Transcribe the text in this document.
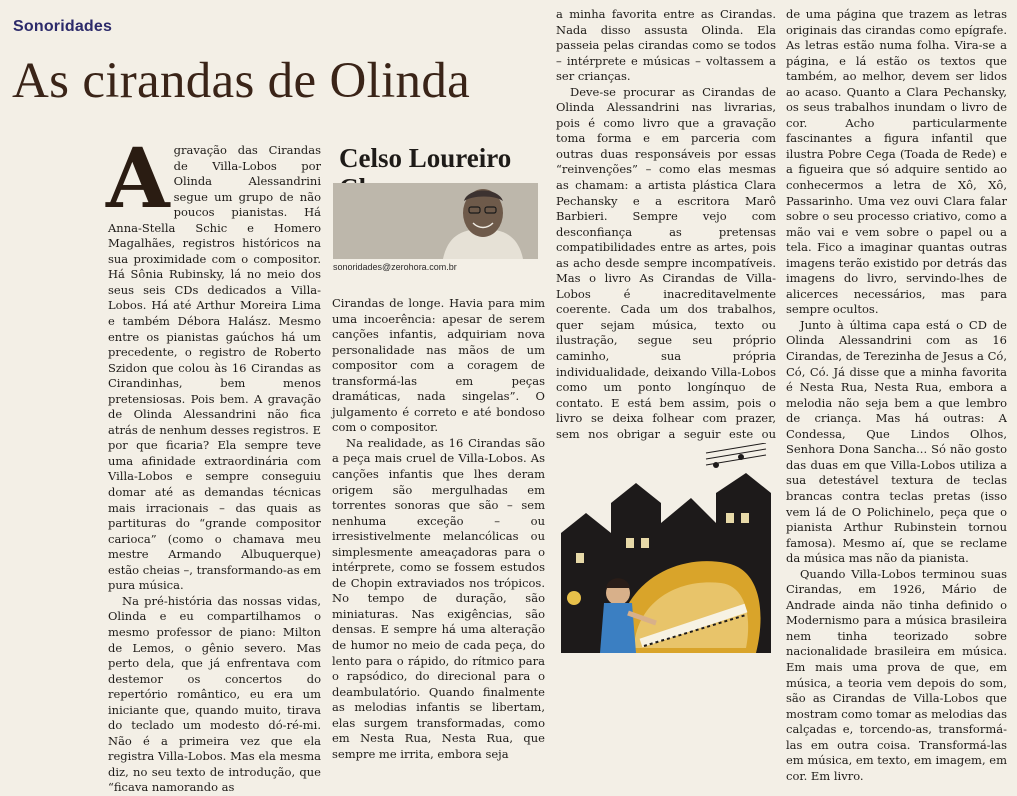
Sonoridades
As cirandas de Olinda

Agravação das Cirandas de Villa-Lobos por Olinda Alessandrini segue um grupo de não poucos pianistas. Há Anna-Stella Schic e Homero Magalhães, registros históricos na sua proximidade com o compositor. Há Sônia Rubinsky, lá no meio dos seus seis CDs dedicados a Villa-Lobos. Há até Arthur Moreira Lima e também Débora Halász. Mesmo entre os pianistas gaúchos há um precedente, o registro de Roberto Szidon que colou às 16 Cirandas as Cirandinhas, bem menos pretensiosas. Pois bem. A gravação de Olinda Alessandrini não fica atrás de nenhum desses registros. E por que ficaria? Ela sempre teve uma afinidade extraordinária com Villa-Lobos e sempre conseguiu domar até as demandas técnicas mais irracionais – das quais as partituras do “grande compositor carioca” (como o chamava meu mestre Armando Albuquerque) estão cheias –, transformando-as em pura música.

Na pré-história das nossas vidas, Olinda e eu compartilhamos o mesmo professor de piano: Milton de Lemos, o gênio severo. Mas perto dela, que já enfrentava com destemor os concertos do repertório romântico, eu era um iniciante que, quando muito, tirava do teclado um modesto dó-ré-mi. Não é a primeira vez que ela registra Villa-Lobos. Mas ela mesma diz, no seu texto de introdução, que “ficava namorando as

Celso Loureiro
sonoridades@zerohora.com.br

Cirandas de longe. Havia para mim uma incoerência: apesar de serem canções infantis, adquiriam nova personalidade nas mãos de um compositor com a coragem de transformá-las em peças dramáticas, nada singelas”. O julgamento é correto e até bondoso com o compositor.

Na realidade, as 16 Cirandas são a peça mais cruel de Villa-Lobos. As canções infantis que lhes deram origem são mergulhadas em torrentes sonoras que são – sem nenhuma exceção – ou irresistivelmente melancólicas ou simplesmente ameaçadoras para o intérprete, como se fossem estudos de Chopin extraviados nos trópicos. No tempo de duração, são miniaturas. Nas exigências, são densas. E sempre há uma alteração de humor no meio de cada peça, do lento para o rápido, do rítmico para o rapsódico, do direcional para o deambulatório. Quando finalmente as melodias infantis se libertam, elas surgem transformadas, como em Nesta Rua, Nesta Rua, que sempre me irrita, embora seja

a minha favorita entre as Cirandas. Nada disso assusta Olinda. Ela passeia pelas cirandas como se todos – intérprete e músicas – voltassem a ser crianças.

Deve-se procurar as Cirandas de Olinda Alessandrini nas livrarias, pois é como livro que a gravação toma forma e em parceria com outras duas responsáveis por essas “reinvenções” – como elas mesmas as chamam: a artista plástica Clara Pechansky e a escritora Marô Barbieri. Sempre vejo com desconfiança as pretensas compatibilidades entre as artes, pois as acho desde sempre incompatíveis. Mas o livro As Cirandas de Villa-Lobos é inacreditavelmente coerente. Cada um dos trabalhos, quer sejam música, texto ou ilustração, segue seu próprio caminho, sua própria individualidade, deixando Villa-Lobos como um ponto longínquo de contato. E está bem assim, pois o livro se deixa folhear com prazer, sem nos obrigar a seguir este ou

de uma página que trazem as letras originais das cirandas como epígrafe. As letras estão numa folha. Vira-se a página, e lá estão os textos que também, ao melhor, devem ser lidos ao acaso. Quanto a Clara Pechansky, os seus trabalhos inundam o livro de cor. Acho particularmente fascinantes a figura infantil que ilustra Pobre Cega (Toada de Rede) e a figueira que só adquire sentido ao conhecermos a letra de Xô, Xô, Passarinho. Uma vez ouvi Clara falar sobre o seu processo criativo, como a mão vai e vem sobre o papel ou a tela. Fico a imaginar quantas outras imagens terão existido por detrás das imagens do livro, servindo-lhes de alicerces necessários, mas para sempre ocultos.

Junto à última capa está o CD de Olinda Alessandrini com as 16 Cirandas, de Terezinha de Jesus a Có, Có, Có. Já disse que a minha favorita é Nesta Rua, Nesta Rua, embora a melodia não seja bem a que lembro de criança. Mas há outras: A Condessa, Que Lindos Olhos, Senhora Dona Sancha... Só não gosto das duas em que Villa-Lobos utiliza a sua detestável textura de teclas brancas contra teclas pretas (isso vem lá de O Polichinelo, peça que o pianista Arthur Rubinstein tornou famosa). Mesmo aí, que se reclame da música mas não da pianista.

Quando Villa-Lobos terminou suas Cirandas, em 1926, Mário de Andrade ainda não tinha definido o Modernismo para a música brasileira nem tinha teorizado sobre nacionalidade brasileira em música. Em mais uma prova de que, em música, a teoria vem depois do som, são as Cirandas de Villa-Lobos que mostram como tomar as melodias das calçadas e, torcendo-as, transformá-las em outra coisa. Transformá-las em música, em texto, em imagem, em cor. Em livro.
